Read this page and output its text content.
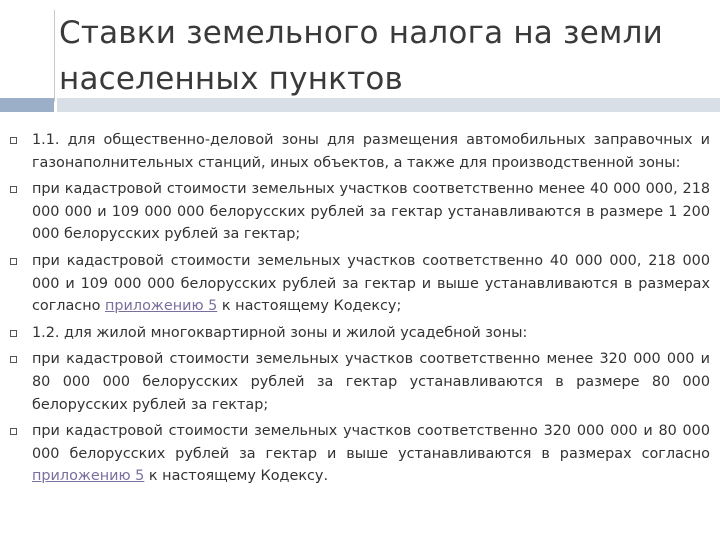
Ставки земельного налога на земли
населенных пунктов
1.1. для общественно-деловой зоны для размещения автомобильных заправочных и газонаполнительных станций, иных объектов, а также для производственной зоны:
при кадастровой стоимости земельных участков соответственно менее 40 000 000, 218 000 000 и 109 000 000 белорусских рублей за гектар устанавливаются в размере 1 200 000 белорусских рублей за гектар;
при кадастровой стоимости земельных участков соответственно 40 000 000, 218 000 000 и 109 000 000 белорусских рублей за гектар и выше устанавливаются в размерах согласно приложению 5 к настоящему Кодексу;
1.2. для жилой многоквартирной зоны и жилой усадебной зоны:
при кадастровой стоимости земельных участков соответственно менее 320 000 000 и 80 000 000 белорусских рублей за гектар устанавливаются в размере 80 000 белорусских рублей за гектар;
при кадастровой стоимости земельных участков соответственно 320 000 000 и 80 000 000 белорусских рублей за гектар и выше устанавливаются в размерах согласно приложению 5 к настоящему Кодексу.
